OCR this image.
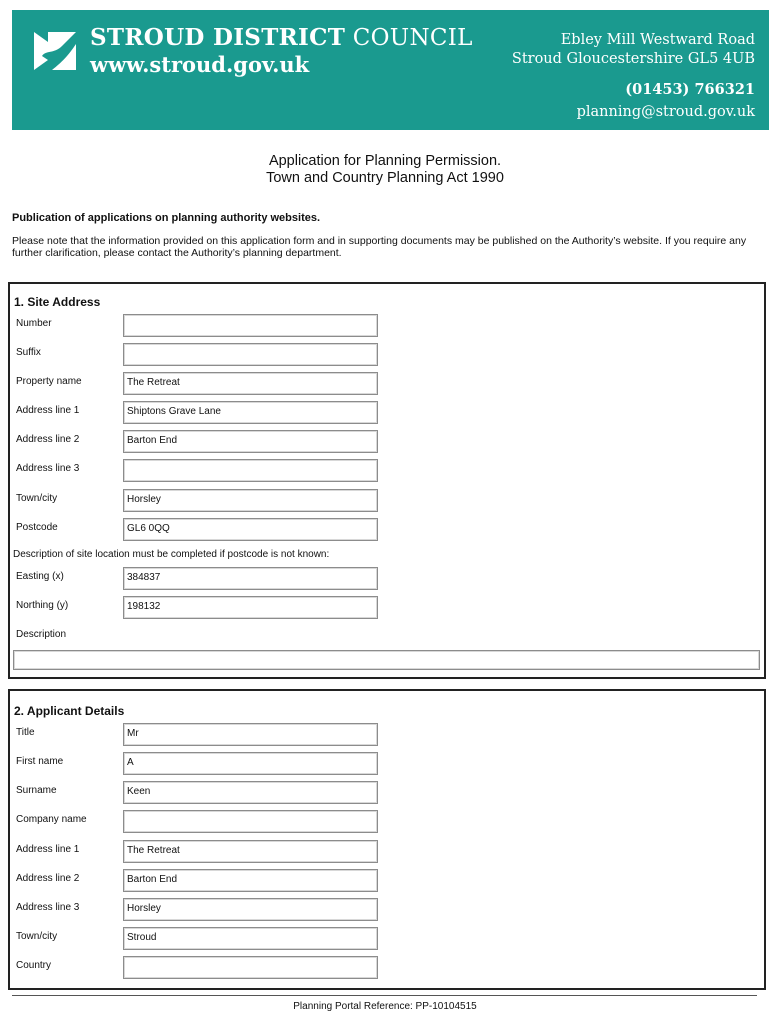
STROUD DISTRICT COUNCIL
www.stroud.gov.uk
Ebley Mill Westward Road
Stroud Gloucestershire GL5 4UB
(01453) 766321
planning@stroud.gov.uk
Application for Planning Permission.
Town and Country Planning Act 1990
Publication of applications on planning authority websites.
Please note that the information provided on this application form and in supporting documents may be published on the Authority’s website. If you require any further clarification, please contact the Authority’s planning department.
1. Site Address
Number
Suffix
Property name	The Retreat
Address line 1	Shiptons Grave Lane
Address line 2	Barton End
Address line 3
Town/city	Horsley
Postcode	GL6 0QQ
Description of site location must be completed if postcode is not known:
Easting (x)	384837
Northing (y)	198132
Description
2. Applicant Details
Title	Mr
First name	A
Surname	Keen
Company name
Address line 1	The Retreat
Address line 2	Barton End
Address line 3	Horsley
Town/city	Stroud
Country
Planning Portal Reference: PP-10104515
